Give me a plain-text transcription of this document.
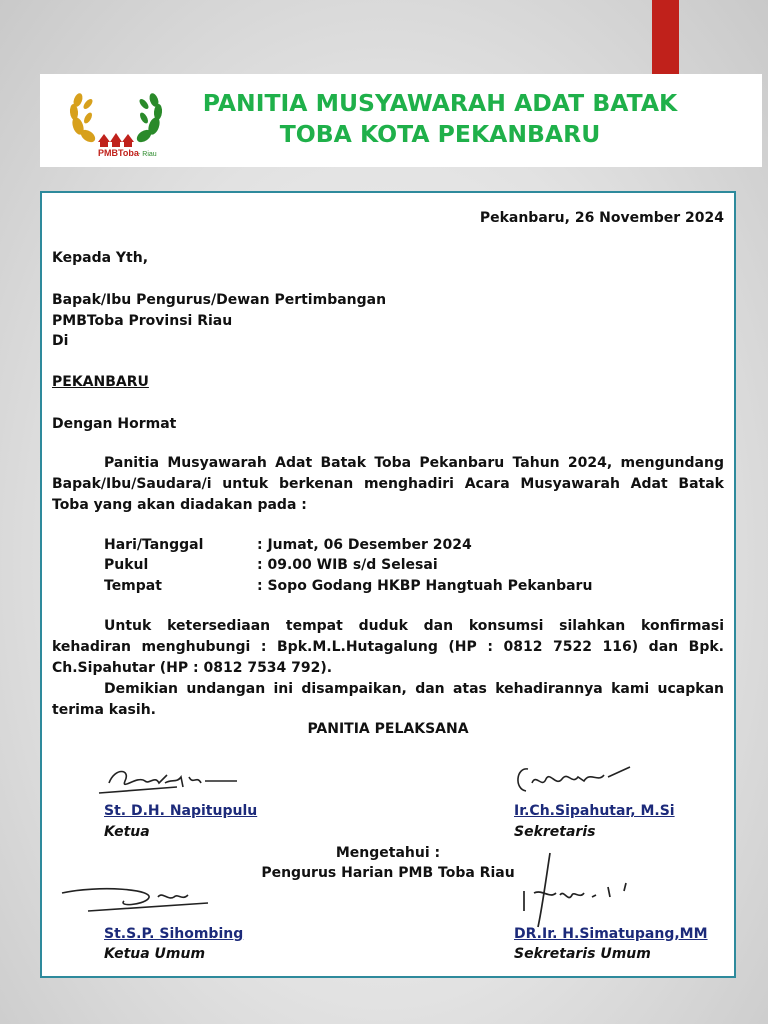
PMBToba - Riau
PANITIA MUSYAWARAH ADAT BATAK
TOBA KOTA PEKANBARU
Pekanbaru, 26 November 2024
Kepada Yth,
Bapak/Ibu Pengurus/Dewan Pertimbangan
PMBToba Provinsi Riau
Di
PEKANBARU
Dengan Hormat
Panitia Musyawarah Adat Batak Toba Pekanbaru Tahun 2024, mengundang Bapak/Ibu/Saudara/i untuk berkenan menghadiri Acara Musyawarah Adat Batak Toba yang akan diadakan pada :
Hari/Tanggal	: Jumat, 06 Desember 2024
Pukul	: 09.00 WIB s/d Selesai
Tempat	: Sopo Godang HKBP Hangtuah Pekanbaru
Untuk ketersediaan tempat duduk dan konsumsi silahkan konfirmasi kehadiran menghubungi : Bpk.M.L.Hutagalung (HP : 0812 7522 116) dan Bpk. Ch.Sipahutar (HP : 0812 7534 792).
Demikian undangan ini disampaikan, dan atas kehadirannya kami ucapkan terima kasih.
PANITIA PELAKSANA
St. D.H. Napitupulu
Ketua
Ir.Ch.Sipahutar, M.Si
Sekretaris
Mengetahui :
Pengurus Harian PMB Toba Riau
St.S.P. Sihombing
Ketua Umum
DR.Ir. H.Simatupang,MM
Sekretaris Umum
